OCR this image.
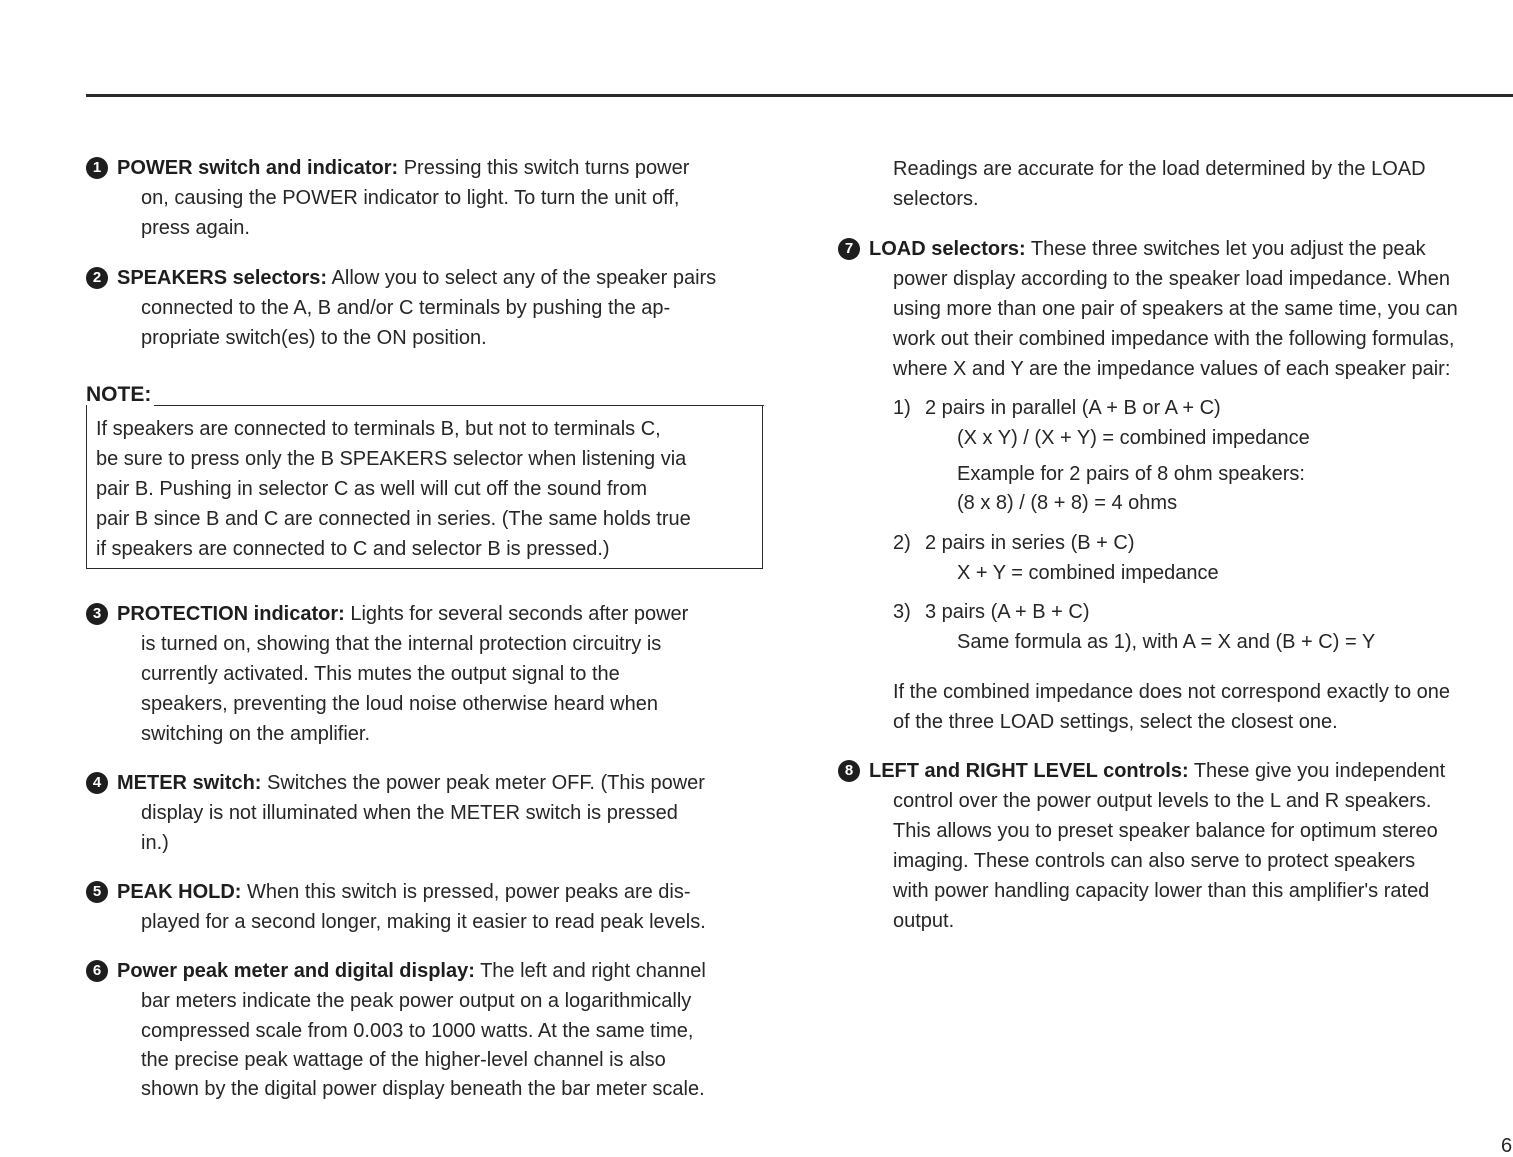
1 POWER switch and indicator: Pressing this switch turns power
on, causing the POWER indicator to light. To turn the unit off,
press again.
2 SPEAKERS selectors: Allow you to select any of the speaker pairs
connected to the A, B and/or C terminals by pushing the ap-
propriate switch(es) to the ON position.
NOTE:
If speakers are connected to terminals B, but not to terminals C,
be sure to press only the B SPEAKERS selector when listening via
pair B. Pushing in selector C as well will cut off the sound from
pair B since B and C are connected in series. (The same holds true
if speakers are connected to C and selector B is pressed.)
3 PROTECTION indicator: Lights for several seconds after power
is turned on, showing that the internal protection circuitry is
currently activated. This mutes the output signal to the
speakers, preventing the loud noise otherwise heard when
switching on the amplifier.
4 METER switch: Switches the power peak meter OFF. (This power
display is not illuminated when the METER switch is pressed
in.)
5 PEAK HOLD: When this switch is pressed, power peaks are dis-
played for a second longer, making it easier to read peak levels.
6 Power peak meter and digital display: The left and right channel
bar meters indicate the peak power output on a logarithmically
compressed scale from 0.003 to 1000 watts. At the same time,
the precise peak wattage of the higher-level channel is also
shown by the digital power display beneath the bar meter scale.
Readings are accurate for the load determined by the LOAD
selectors.
7 LOAD selectors: These three switches let you adjust the peak
power display according to the speaker load impedance. When
using more than one pair of speakers at the same time, you can
work out their combined impedance with the following formulas,
where X and Y are the impedance values of each speaker pair:
1) 2 pairs in parallel (A + B or A + C)
(X x Y) / (X + Y) = combined impedance
Example for 2 pairs of 8 ohm speakers:
(8 x 8) / (8 + 8) = 4 ohms
2) 2 pairs in series (B + C)
X + Y = combined impedance
3) 3 pairs (A + B + C)
Same formula as 1), with A = X and (B + C) = Y
If the combined impedance does not correspond exactly to one
of the three LOAD settings, select the closest one.
8 LEFT and RIGHT LEVEL controls: These give you independent
control over the power output levels to the L and R speakers.
This allows you to preset speaker balance for optimum stereo
imaging. These controls can also serve to protect speakers
with power handling capacity lower than this amplifier's rated
output.
6
